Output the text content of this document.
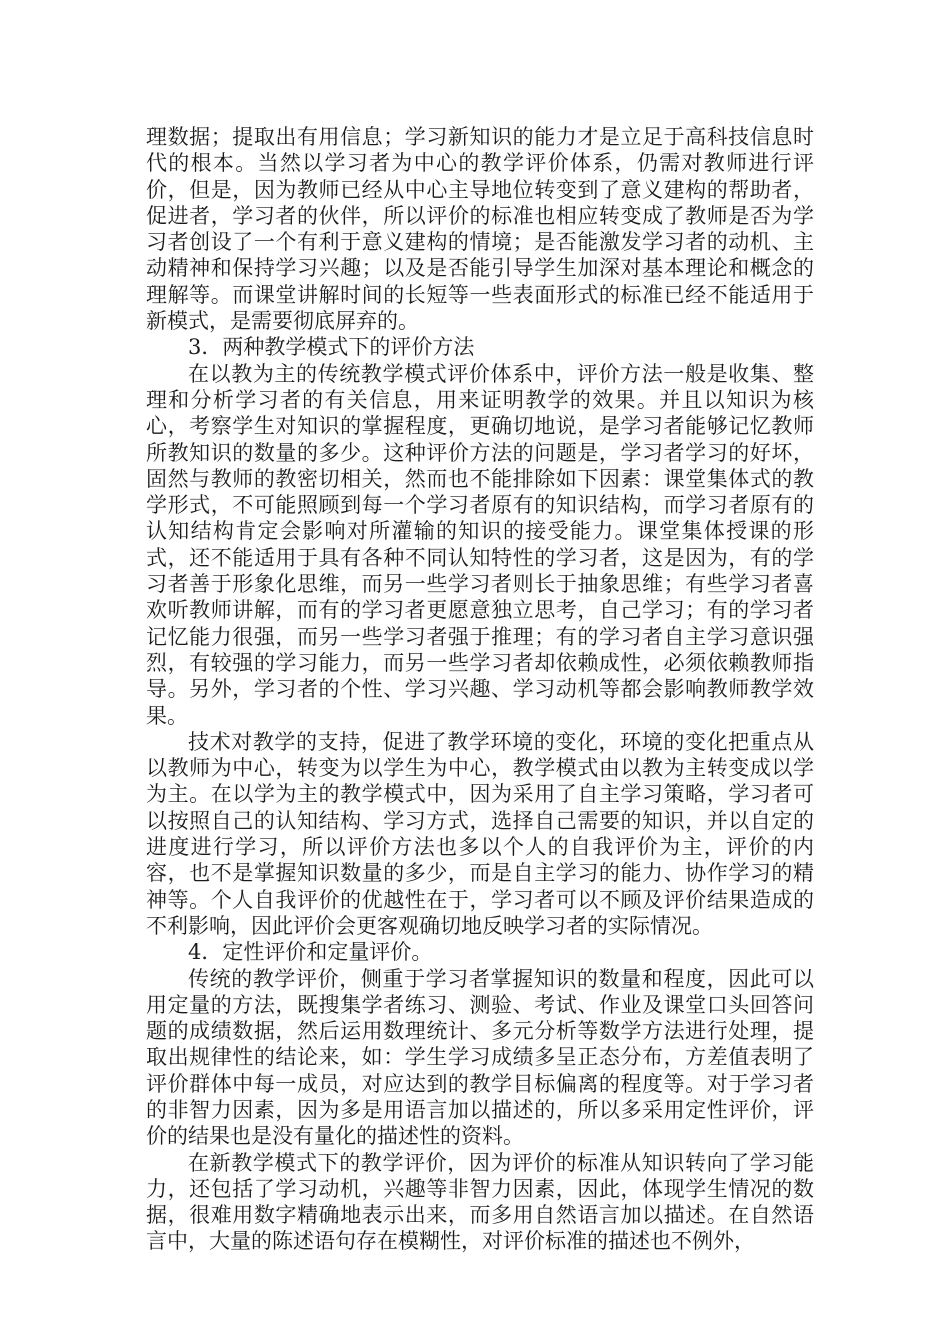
理数据；提取出有用信息；学习新知识的能力才是立足于高科技信息时代的根本。当然以学习者为中心的教学评价体系，仍需对教师进行评价，但是，因为教师已经从中心主导地位转变到了意义建构的帮助者，促进者，学习者的伙伴，所以评价的标准也相应转变成了教师是否为学习者创设了一个有利于意义建构的情境；是否能激发学习者的动机、主动精神和保持学习兴趣；以及是否能引导学生加深对基本理论和概念的理解等。而课堂讲解时间的长短等一些表面形式的标准已经不能适用于新模式，是需要彻底屏弃的。

3．两种教学模式下的评价方法

在以教为主的传统教学模式评价体系中，评价方法一般是收集、整理和分析学习者的有关信息，用来证明教学的效果。并且以知识为核心，考察学生对知识的掌握程度，更确切地说，是学习者能够记忆教师所教知识的数量的多少。这种评价方法的问题是，学习者学习的好坏，固然与教师的教密切相关，然而也不能排除如下因素：课堂集体式的教学形式，不可能照顾到每一个学习者原有的知识结构，而学习者原有的认知结构肯定会影响对所灌输的知识的接受能力。课堂集体授课的形式，还不能适用于具有各种不同认知特性的学习者，这是因为，有的学习者善于形象化思维，而另一些学习者则长于抽象思维；有些学习者喜欢听教师讲解，而有的学习者更愿意独立思考，自己学习；有的学习者记忆能力很强，而另一些学习者强于推理；有的学习者自主学习意识强烈，有较强的学习能力，而另一些学习者却依赖成性，必须依赖教师指导。另外，学习者的个性、学习兴趣、学习动机等都会影响教师教学效果。

技术对教学的支持，促进了教学环境的变化，环境的变化把重点从以教师为中心，转变为以学生为中心，教学模式由以教为主转变成以学为主。在以学为主的教学模式中，因为采用了自主学习策略，学习者可以按照自己的认知结构、学习方式，选择自己需要的知识，并以自定的进度进行学习，所以评价方法也多以个人的自我评价为主，评价的内容，也不是掌握知识数量的多少，而是自主学习的能力、协作学习的精神等。个人自我评价的优越性在于，学习者可以不顾及评价结果造成的不利影响，因此评价会更客观确切地反映学习者的实际情况。

4．定性评价和定量评价。

传统的教学评价，侧重于学习者掌握知识的数量和程度，因此可以用定量的方法，既搜集学者练习、测验、考试、作业及课堂口头回答问题的成绩数据，然后运用数理统计、多元分析等数学方法进行处理，提取出规律性的结论来，如：学生学习成绩多呈正态分布，方差值表明了评价群体中每一成员，对应达到的教学目标偏离的程度等。对于学习者的非智力因素，因为多是用语言加以描述的，所以多采用定性评价，评价的结果也是没有量化的描述性的资料。

在新教学模式下的教学评价，因为评价的标准从知识转向了学习能力，还包括了学习动机，兴趣等非智力因素，因此，体现学生情况的数据，很难用数字精确地表示出来，而多用自然语言加以描述。在自然语言中，大量的陈述语句存在模糊性，对评价标准的描述也不例外，
